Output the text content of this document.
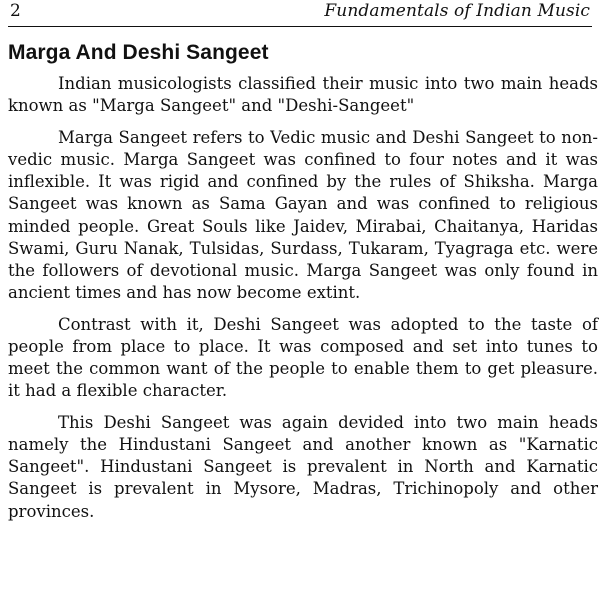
2	Fundamentals of Indian Music
Marga And Deshi Sangeet

Indian musicologists classified their music into two main heads known as "Marga Sangeet" and "Deshi-Sangeet"

Marga Sangeet refers to Vedic music and Deshi Sangeet to non- vedic music. Marga Sangeet was confined to four notes and it was inflexible. It was rigid and confined by the rules of Shiksha. Marga Sangeet was known as Sama Gayan and was confined to religious minded people. Great Souls like Jaidev, Mirabai, Chaitanya, Haridas Swami, Guru Nanak, Tulsidas, Surdass, Tukaram, Tyagraga etc. were the followers of devotional music. Marga Sangeet was only found in ancient times and has now become extint.

Contrast with it, Deshi Sangeet was adopted to the taste of people from place to place. It was composed and set into tunes to meet the common want of the people to enable them to get pleasure. it had a flexible character.

This Deshi Sangeet was again devided into two main heads namely the Hindustani Sangeet and another known as "Karnatic Sangeet". Hindustani Sangeet is prevalent in North and Karnatic Sangeet is prevalent in Mysore, Madras, Trichinopoly and other provinces.
